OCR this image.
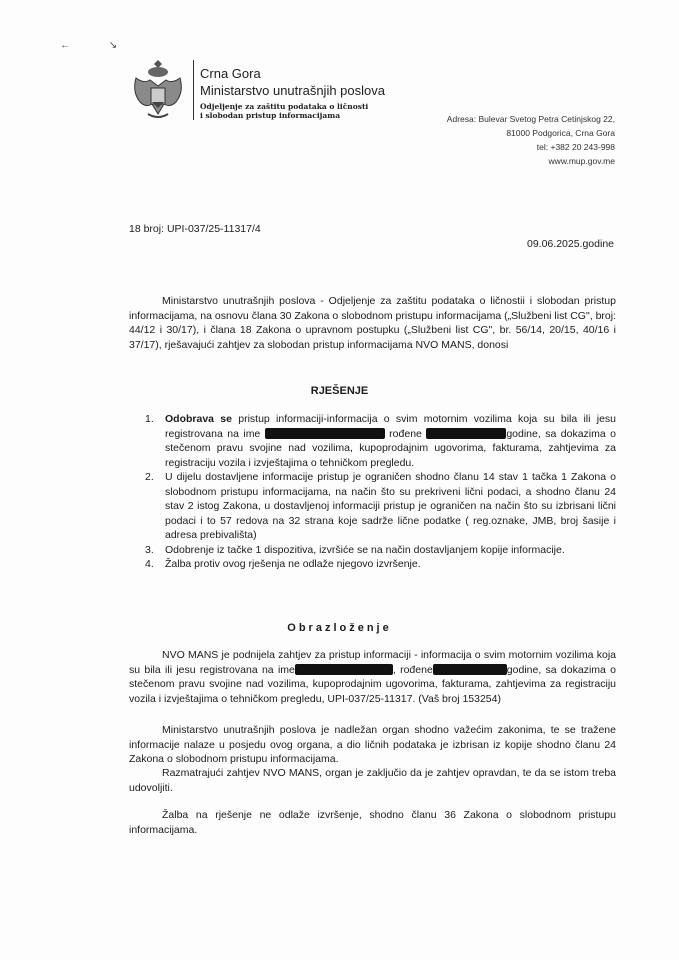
← ↘
Crna Gora
Ministarstvo unutrašnjih poslova
Odjeljenje za zaštitu podataka o ličnosti
i slobodan pristup informacijama	Adresa: Bulevar Svetog Petra Cetinjskog 22,
81000 Podgorica, Crna Gora
tel: +382 20 243-998
www.mup.gov.me
18 broj: UPI-037/25-11317/4
09.06.2025.godine
Ministarstvo unutrašnjih poslova - Odjeljenje za zaštitu podataka o ličnostii i slobodan pristup informacijama, na osnovu člana 30 Zakona o slobodnom pristupu informacijama („Službeni list CG", broj: 44/12 i 30/17), i člana 18 Zakona o upravnom postupku („Službeni list CG", br. 56/14, 20/15, 40/16 i 37/17), rješavajući zahtjev za slobodan pristup informacijama NVO MANS, donosi
RJEŠENJE
1. Odobrava se pristup informaciji-informacija o svim motornim vozilima koja su bila ili jesu registrovana na ime	rođene	godine, sa dokazima o stečenom pravu svojine nad vozilima, kupoprodajnim ugovorima, fakturama, zahtjevima za registraciju vozila i izvještajima o tehničkom pregledu.
2. U dijelu dostavljene informacije pristup je ograničen shodno članu 14 stav 1 tačka 1 Zakona o slobodnom pristupu informacijama, na način što su prekriveni lični podaci, a shodno članu 24 stav 2 istog Zakona, u dostavljenoj informaciji pristup je ograničen na način što su izbrisani lični podaci i to 57 redova na 32 strana koje sadrže lične podatke ( reg.oznake, JMB, broj šasije i adresa prebivališta)
3. Odobrenje iz tačke 1 dispozitiva, izvršiće se na način dostavljanjem kopije informacije.
4. Žalba protiv ovog rješenja ne odlaže njegovo izvršenje.
Obrazloženje
NVO MANS je podnijela zahtjev za pristup informaciji - informacija o svim motornim vozilima koja su bila ili jesu registrovana na ime	, rođene	godine, sa dokazima o stečenom pravu svojine nad vozilima, kupoprodajnim ugovorima, fakturama, zahtjevima za registraciju vozila i izvještajima o tehničkom pregledu, UPI-037/25-11317. (Vaš broj 153254)
Ministarstvo unutrašnjih poslova je nadležan organ shodno važećim zakonima, te se tražene informacije nalaze u posjedu ovog organa, a dio ličnih podataka je izbrisan iz kopije shodno članu 24 Zakona o slobodnom pristupu informacijama.
Razmatrajući zahtjev NVO MANS, organ je zaključio da je zahtjev opravdan, te da se istom treba udovoljiti.
Žalba na rješenje ne odlaže izvršenje, shodno članu 36 Zakona o slobodnom pristupu informacijama.
